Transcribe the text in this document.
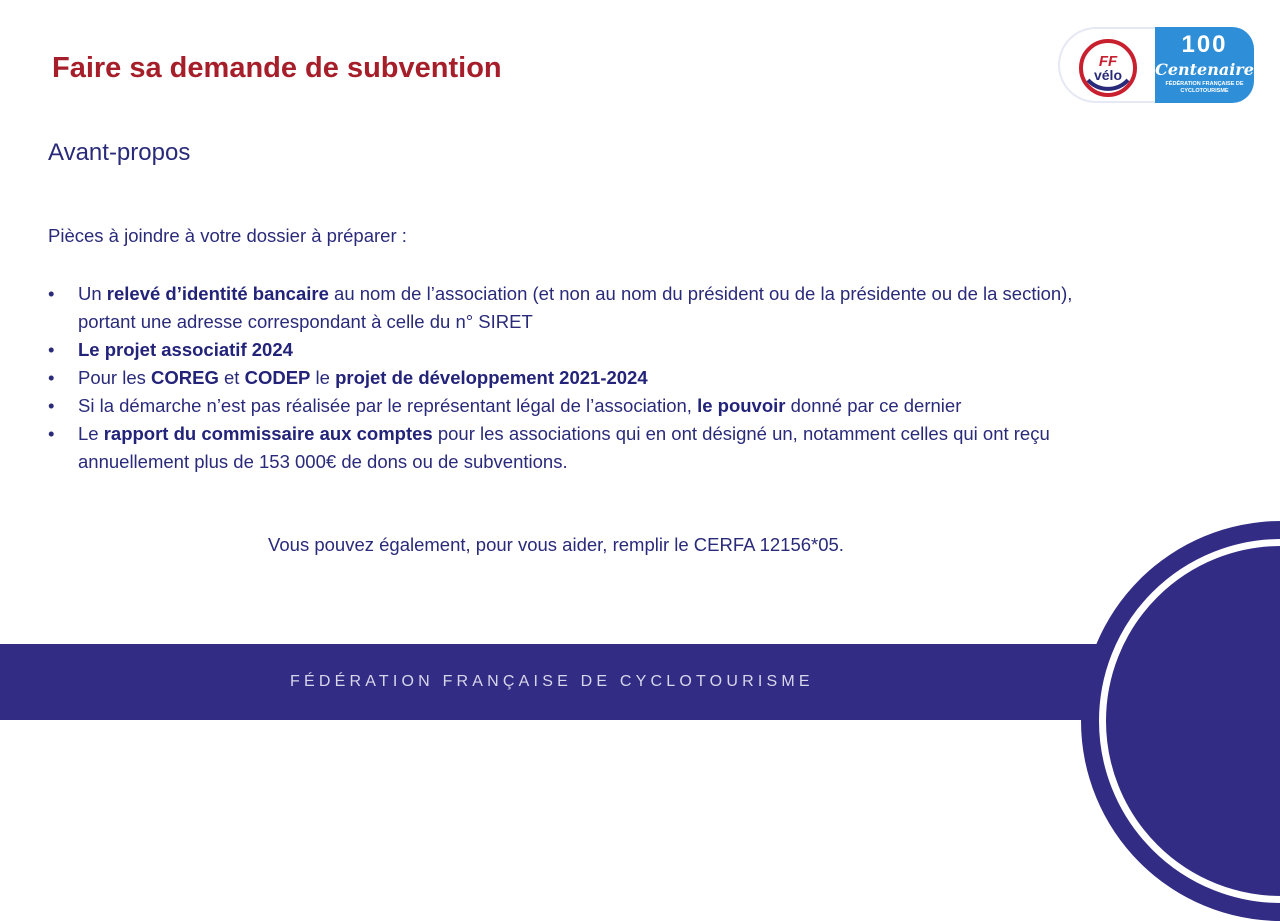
Faire sa demande de subvention	FF
vélo
100
Centenaire
FÉDÉRATION FRANÇAISE DE CYCLOTOURISME
Avant-propos
Pièces à joindre à votre dossier à préparer :
• Un relevé d’identité bancaire au nom de l’association (et non au nom du président ou de la présidente ou de la section), portant une adresse correspondant à celle du n° SIRET
• Le projet associatif 2024
• Pour les COREG et CODEP le projet de développement 2021-2024
• Si la démarche n’est pas réalisée par le représentant légal de l’association, le pouvoir donné par ce dernier
• Le rapport du commissaire aux comptes pour les associations qui en ont désigné un, notamment celles qui ont reçu annuellement plus de 153 000€ de dons ou de subventions.
Vous pouvez également, pour vous aider, remplir le CERFA 12156*05.
FÉDÉRATION FRANÇAISE DE CYCLOTOURISME
